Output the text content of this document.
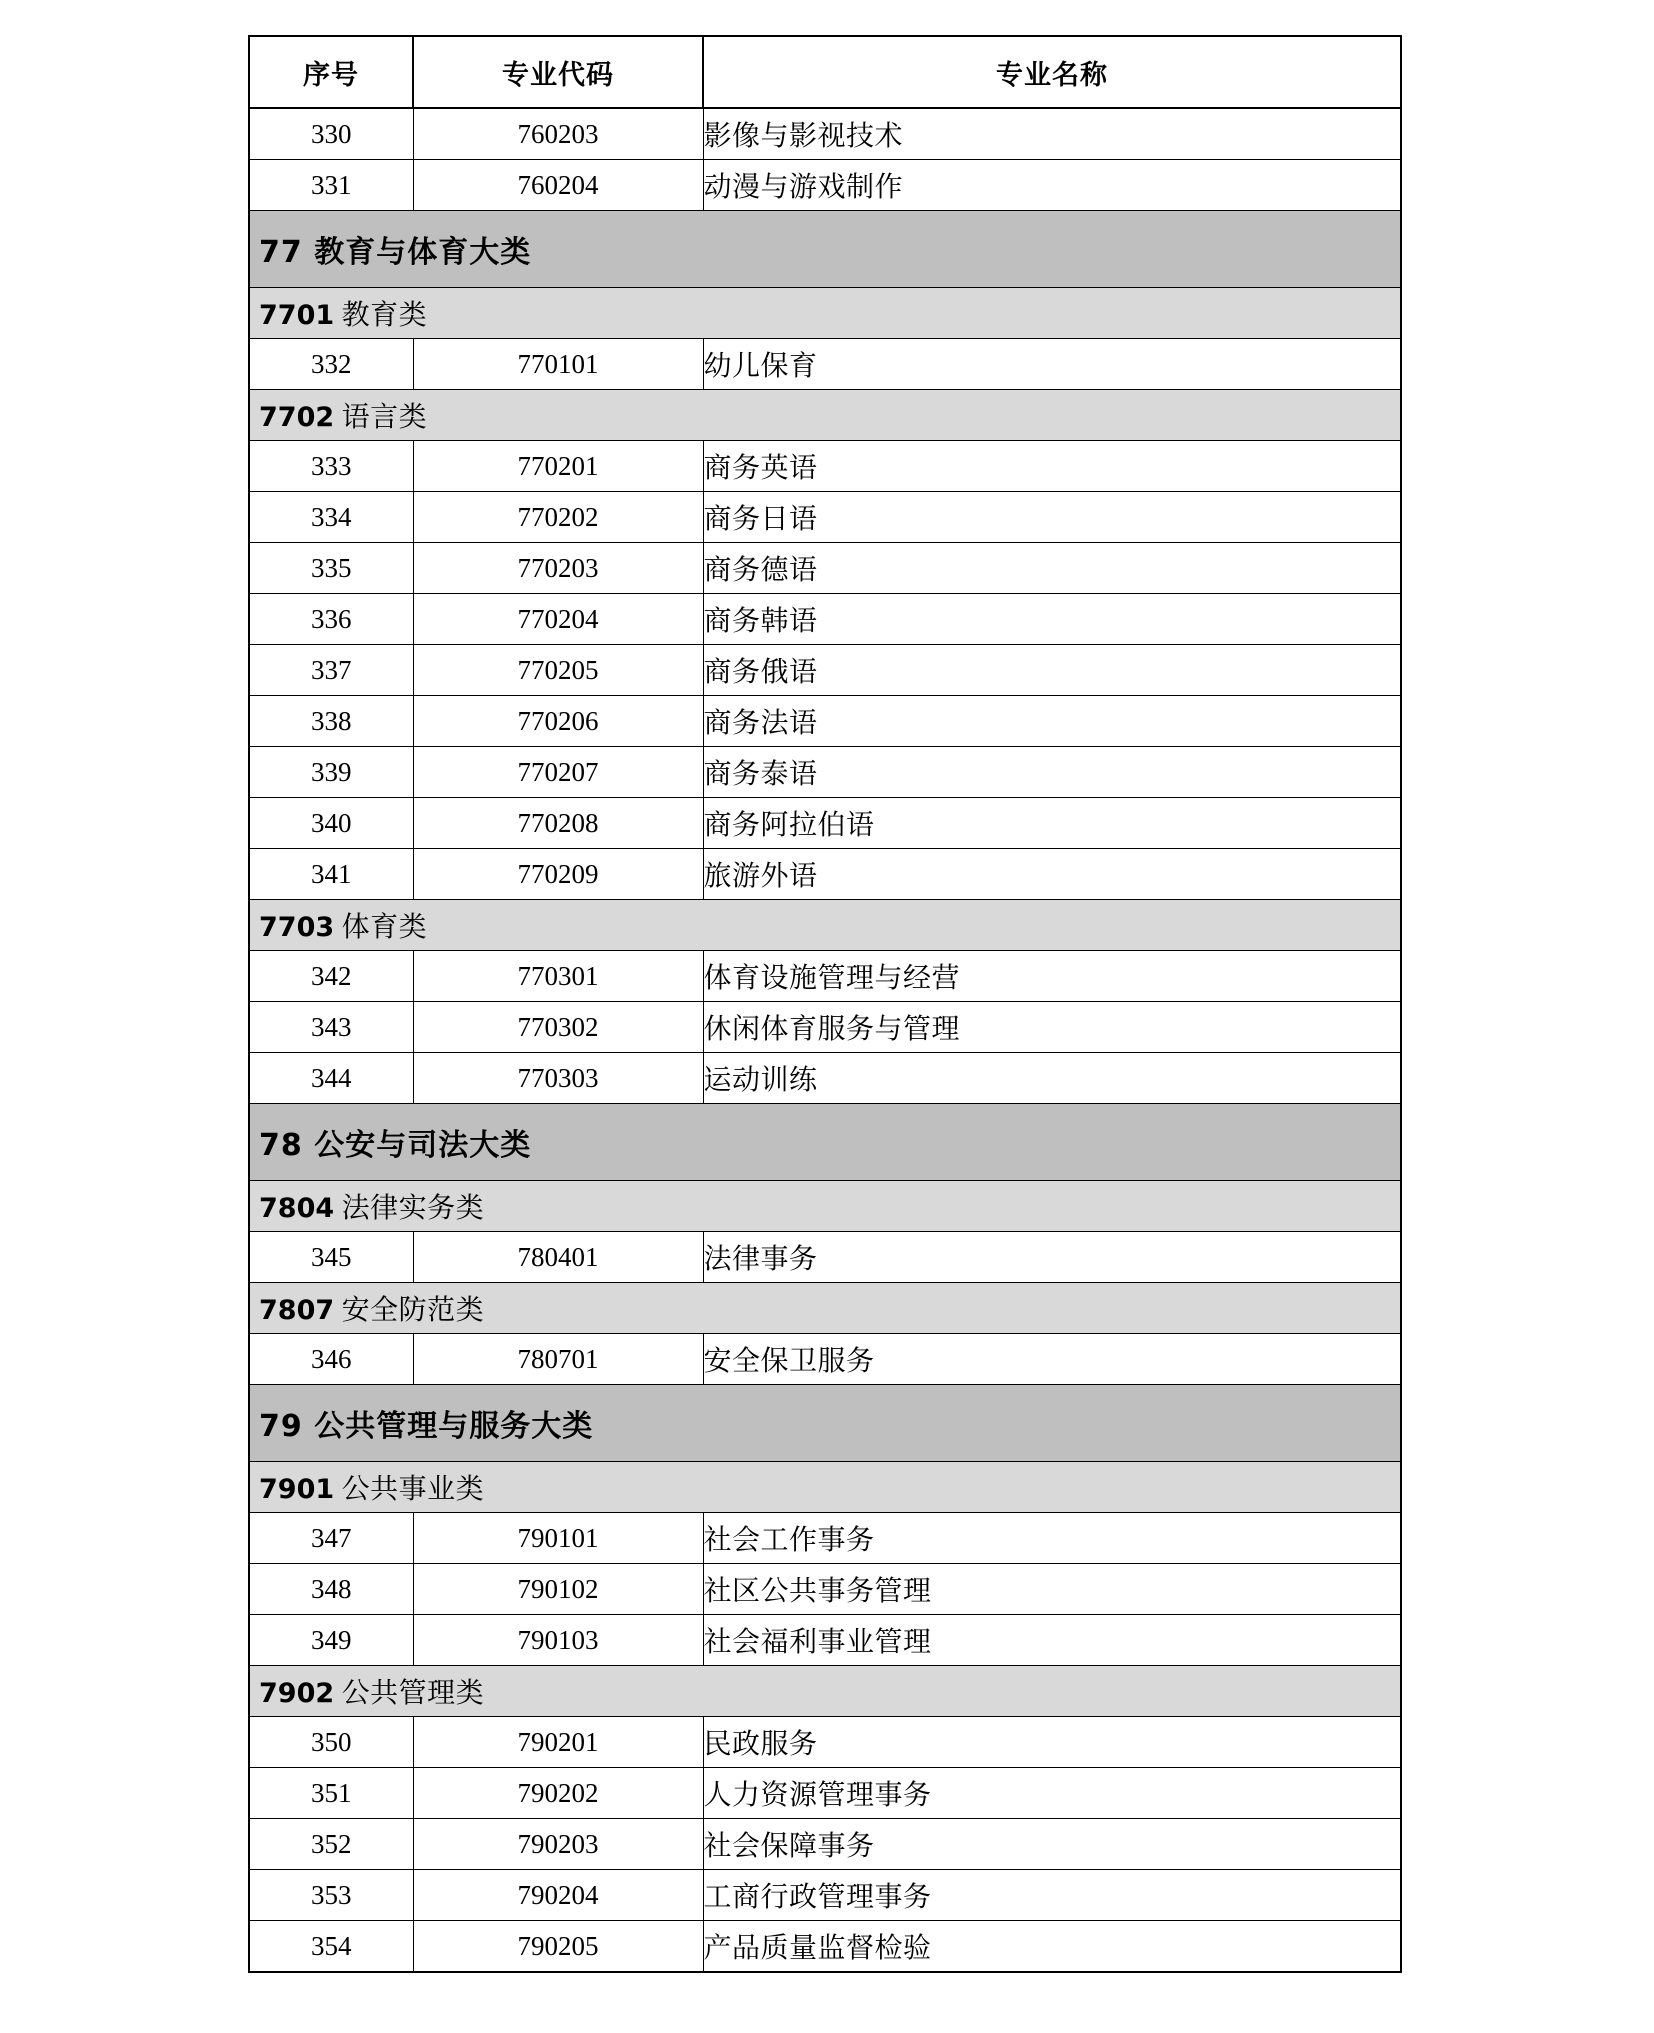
序号	专业代码	专业名称
330	760203	影像与影视技术
331	760204	动漫与游戏制作
77 教育与体育大类		
7701 教育类		
332	770101	幼儿保育
7702 语言类		
333	770201	商务英语
334	770202	商务日语
335	770203	商务德语
336	770204	商务韩语
337	770205	商务俄语
338	770206	商务法语
339	770207	商务泰语
340	770208	商务阿拉伯语
341	770209	旅游外语
7703 体育类		
342	770301	体育设施管理与经营
343	770302	休闲体育服务与管理
344	770303	运动训练
78 公安与司法大类		
7804 法律实务类		
345	780401	法律事务
7807 安全防范类		
346	780701	安全保卫服务
79 公共管理与服务大类		
7901 公共事业类		
347	790101	社会工作事务
348	790102	社区公共事务管理
349	790103	社会福利事业管理
7902 公共管理类		
350	790201	民政服务
351	790202	人力资源管理事务
352	790203	社会保障事务
353	790204	工商行政管理事务
354	790205	产品质量监督检验
